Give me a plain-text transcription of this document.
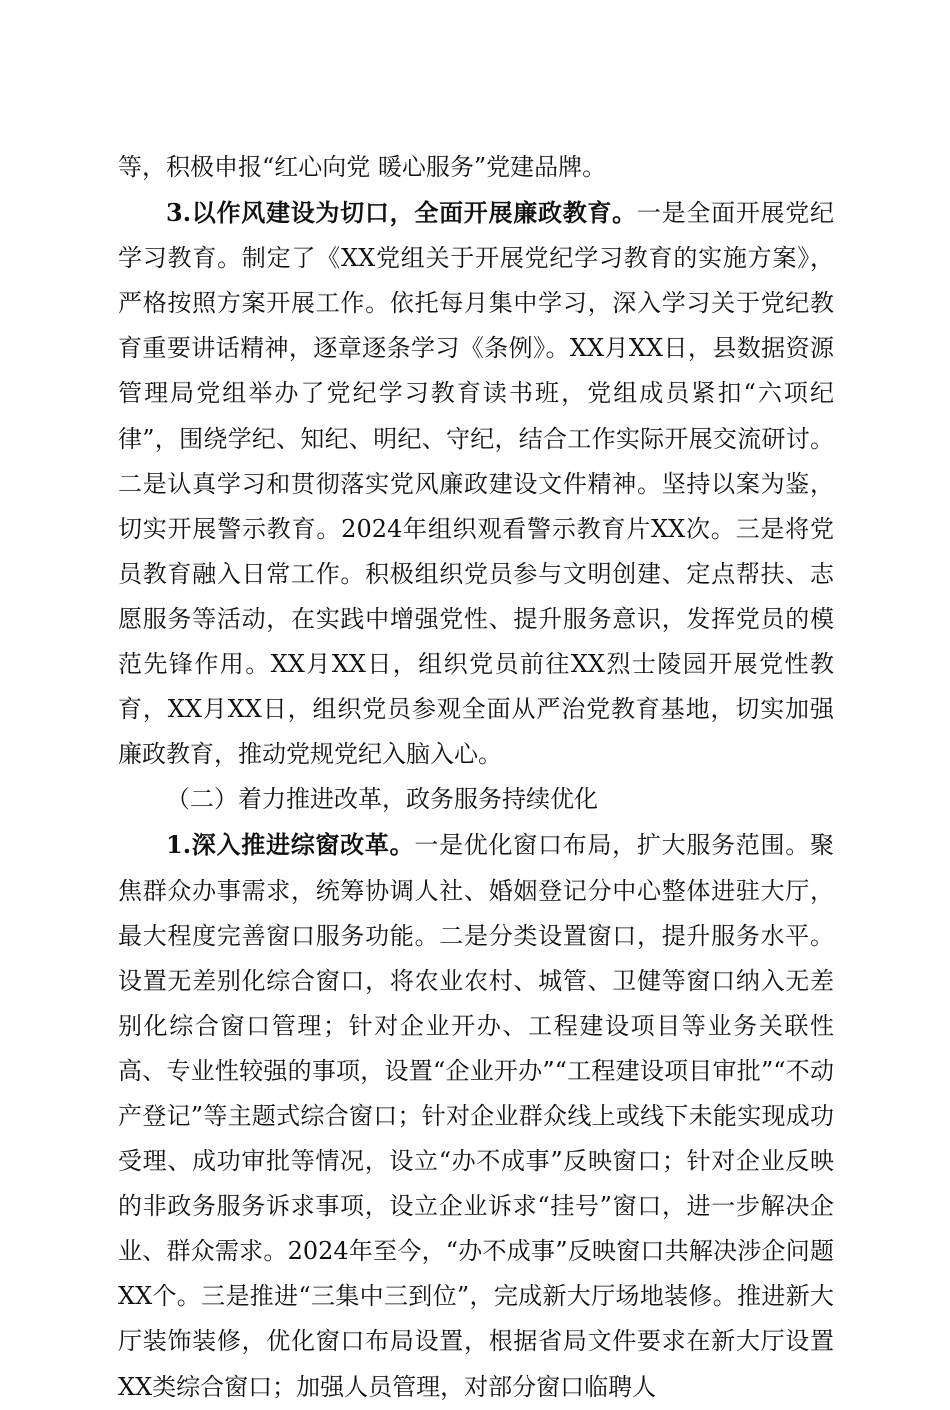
等，积极申报“红心向党 暖心服务”党建品牌。

3.以作风建设为切口，全面开展廉政教育。一是全面开展党纪学习教育。制定了《XX党组关于开展党纪学习教育的实施方案》，严格按照方案开展工作。依托每月集中学习，深入学习关于党纪教育重要讲话精神，逐章逐条学习《条例》。XX月XX日，县数据资源管理局党组举办了党纪学习教育读书班，党组成员紧扣“六项纪律”，围绕学纪、知纪、明纪、守纪，结合工作实际开展交流研讨。二是认真学习和贯彻落实党风廉政建设文件精神。坚持以案为鉴，切实开展警示教育。2024年组织观看警示教育片XX次。三是将党员教育融入日常工作。积极组织党员参与文明创建、定点帮扶、志愿服务等活动，在实践中增强党性、提升服务意识，发挥党员的模范先锋作用。XX月XX日，组织党员前往XX烈士陵园开展党性教育，XX月XX日，组织党员参观全面从严治党教育基地，切实加强廉政教育，推动党规党纪入脑入心。

（二）着力推进改革，政务服务持续优化

1.深入推进综窗改革。一是优化窗口布局，扩大服务范围。聚焦群众办事需求，统筹协调人社、婚姻登记分中心整体进驻大厅，最大程度完善窗口服务功能。二是分类设置窗口，提升服务水平。设置无差别化综合窗口，将农业农村、城管、卫健等窗口纳入无差别化综合窗口管理；针对企业开办、工程建设项目等业务关联性高、专业性较强的事项，设置“企业开办”“工程建设项目审批”“不动产登记”等主题式综合窗口；针对企业群众线上或线下未能实现成功受理、成功审批等情况，设立“办不成事”反映窗口；针对企业反映的非政务服务诉求事项，设立企业诉求“挂号”窗口，进一步解决企业、群众需求。2024年至今，“办不成事”反映窗口共解决涉企问题XX个。三是推进“三集中三到位”，完成新大厅场地装修。推进新大厅装饰装修，优化窗口布局设置，根据省局文件要求在新大厅设置XX类综合窗口；加强人员管理，对部分窗口临聘人
